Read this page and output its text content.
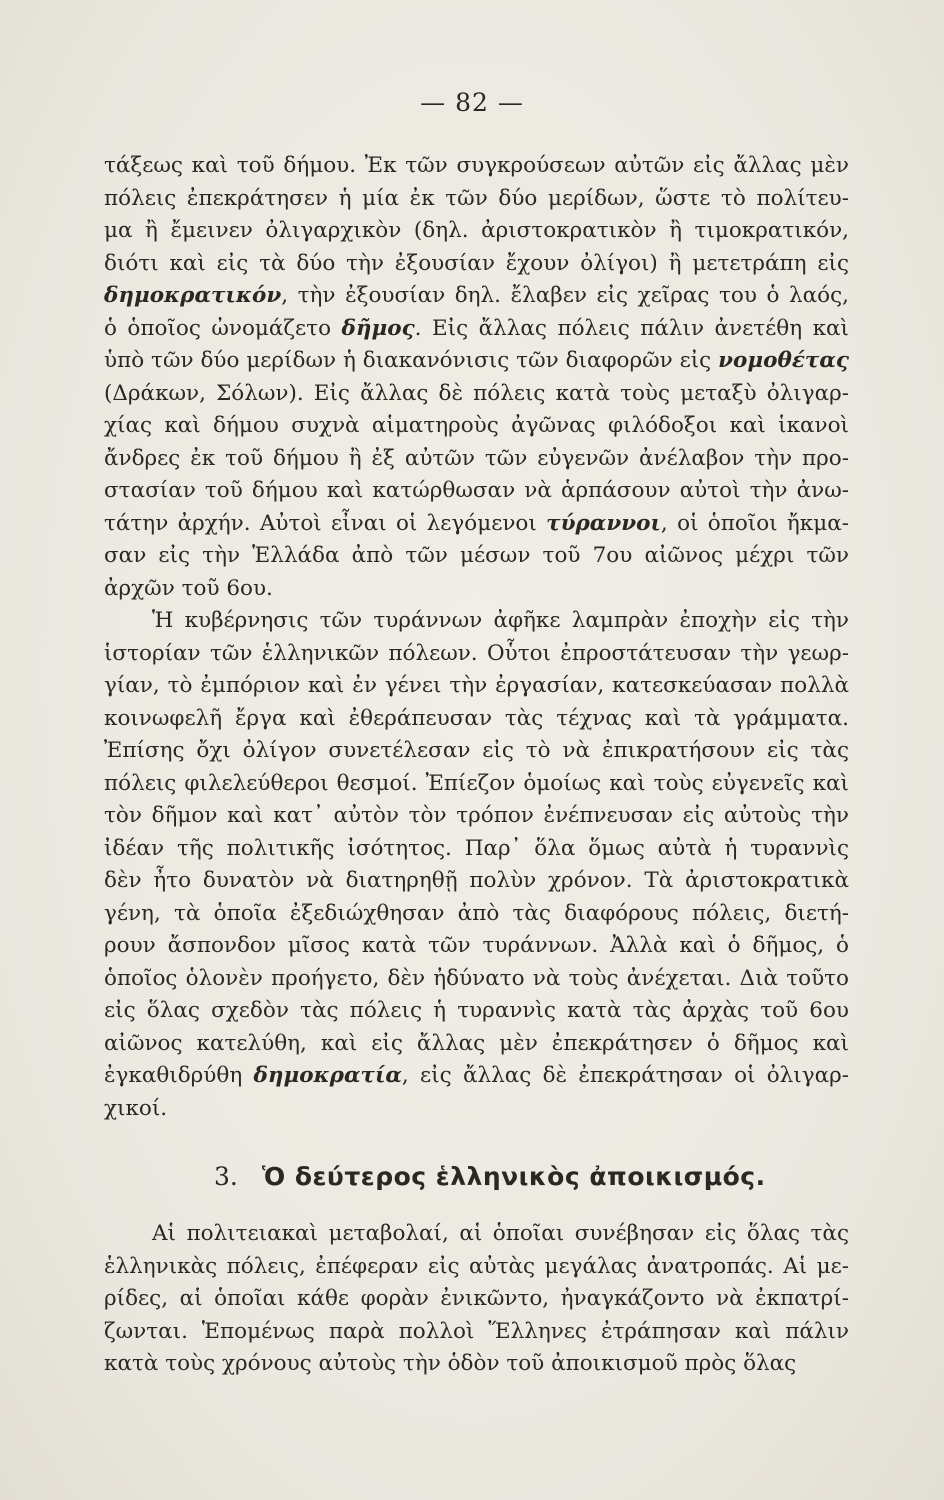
— 82 —
τάξεως καὶ τοῦ δήμου. Ἐκ τῶν συγκρούσεων αὐτῶν εἰς ἄλλας μὲν
πόλεις ἐπεκράτησεν ἡ μία ἐκ τῶν δύο μερίδων, ὥστε τὸ πολίτευ-
μα ἢ ἔμεινεν ὀλιγαρχικὸν (δηλ. ἀριστοκρατικὸν ἢ τιμοκρατικόν,
διότι καὶ εἰς τὰ δύο τὴν ἐξουσίαν ἔχουν ὀλίγοι) ἢ μετετράπη εἰς
δημοκρατικόν, τὴν ἐξουσίαν δηλ. ἔλαβεν εἰς χεῖρας του ὁ λαός,
ὁ ὁποῖος ὠνομάζετο δῆμος. Εἰς ἄλλας πόλεις πάλιν ἀνετέθη καὶ
ὑπὸ τῶν δύο μερίδων ἡ διακανόνισις τῶν διαφορῶν εἰς νομοθέτας
(Δράκων, Σόλων). Εἰς ἄλλας δὲ πόλεις κατὰ τοὺς μεταξὺ ὀλιγαρ-
χίας καὶ δήμου συχνὰ αἱματηροὺς ἀγῶνας φιλόδοξοι καὶ ἱκανοὶ
ἄνδρες ἐκ τοῦ δήμου ἢ ἐξ αὐτῶν τῶν εὐγενῶν ἀνέλαβον τὴν προ-
στασίαν τοῦ δήμου καὶ κατώρθωσαν νὰ ἁρπάσουν αὐτοὶ τὴν ἀνω-
τάτην ἀρχήν. Αὐτοὶ εἶναι οἱ λεγόμενοι τύραννοι, οἱ ὁποῖοι ἤκμα-
σαν εἰς τὴν Ἑλλάδα ἀπὸ τῶν μέσων τοῦ 7ου αἰῶνος μέχρι τῶν
ἀρχῶν τοῦ 6ου.
Ἡ κυβέρνησις τῶν τυράννων ἀφῆκε λαμπρὰν ἐποχὴν εἰς τὴν
ἱστορίαν τῶν ἑλληνικῶν πόλεων. Οὗτοι ἐπροστάτευσαν τὴν γεωρ-
γίαν, τὸ ἐμπόριον καὶ ἐν γένει τὴν ἐργασίαν, κατεσκεύασαν πολλὰ
κοινωφελῆ ἔργα καὶ ἐθεράπευσαν τὰς τέχνας καὶ τὰ γράμματα.
Ἐπίσης ὄχι ὀλίγον συνετέλεσαν εἰς τὸ νὰ ἐπικρατήσουν εἰς τὰς
πόλεις φιλελεύθεροι θεσμοί. Ἐπίεζον ὁμοίως καὶ τοὺς εὐγενεῖς καὶ
τὸν δῆμον καὶ κατ᾽ αὐτὸν τὸν τρόπον ἐνέπνευσαν εἰς αὐτοὺς τὴν
ἰδέαν τῆς πολιτικῆς ἰσότητος. Παρ᾽ ὅλα ὅμως αὐτὰ ἡ τυραννὶς
δὲν ἦτο δυνατὸν νὰ διατηρηθῇ πολὺν χρόνον. Τὰ ἀριστοκρατικὰ
γένη, τὰ ὁποῖα ἐξεδιώχθησαν ἀπὸ τὰς διαφόρους πόλεις, διετή-
ρουν ἄσπονδον μῖσος κατὰ τῶν τυράννων. Ἀλλὰ καὶ ὁ δῆμος, ὁ
ὁποῖος ὁλονὲν προήγετο, δὲν ἠδύνατο νὰ τοὺς ἀνέχεται. Διὰ τοῦτο
εἰς ὅλας σχεδὸν τὰς πόλεις ἡ τυραννὶς κατὰ τὰς ἀρχὰς τοῦ 6ου
αἰῶνος κατελύθη, καὶ εἰς ἄλλας μὲν ἐπεκράτησεν ὁ δῆμος καὶ
ἐγκαθιδρύθη δημοκρατία, εἰς ἄλλας δὲ ἐπεκράτησαν οἱ ὀλιγαρ-
χικοί.
3. Ὁ δεύτερος ἑλληνικὸς ἀποικισμός.
Αἱ πολιτειακαὶ μεταβολαί, αἱ ὁποῖαι συνέβησαν εἰς ὅλας τὰς
ἑλληνικὰς πόλεις, ἐπέφεραν εἰς αὐτὰς μεγάλας ἀνατροπάς. Αἱ με-
ρίδες, αἱ ὁποῖαι κάθε φορὰν ἐνικῶντο, ἠναγκάζοντο νὰ ἐκπατρί-
ζωνται. Ἑπομένως παρὰ πολλοὶ Ἕλληνες ἐτράπησαν καὶ πάλιν
κατὰ τοὺς χρόνους αὐτοὺς τὴν ὁδὸν τοῦ ἀποικισμοῦ πρὸς ὅλας
